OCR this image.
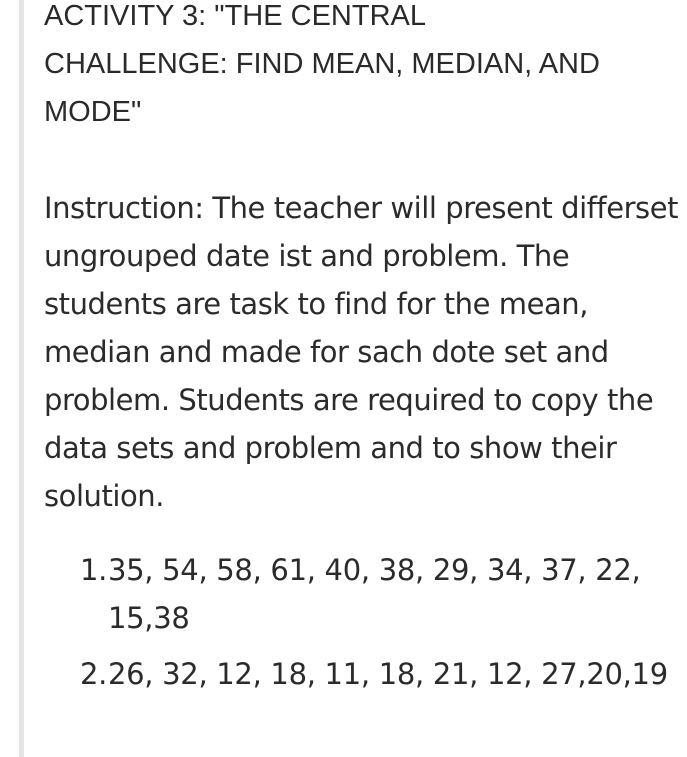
ACTIVITY 3: "THE CENTRAL
CHALLENGE: FIND MEAN, MEDIAN, AND
MODE"

Instruction: The teacher will present differset ungrouped date ist and problem. The students are task to find for the mean, median and made for sach dote set and problem. Students are required to copy the data sets and problem and to show their solution.

1. 35, 54, 58, 61, 40, 38, 29, 34, 37, 22, 15,38
2. 26, 32, 12, 18, 11, 18, 21, 12, 27,20,19
